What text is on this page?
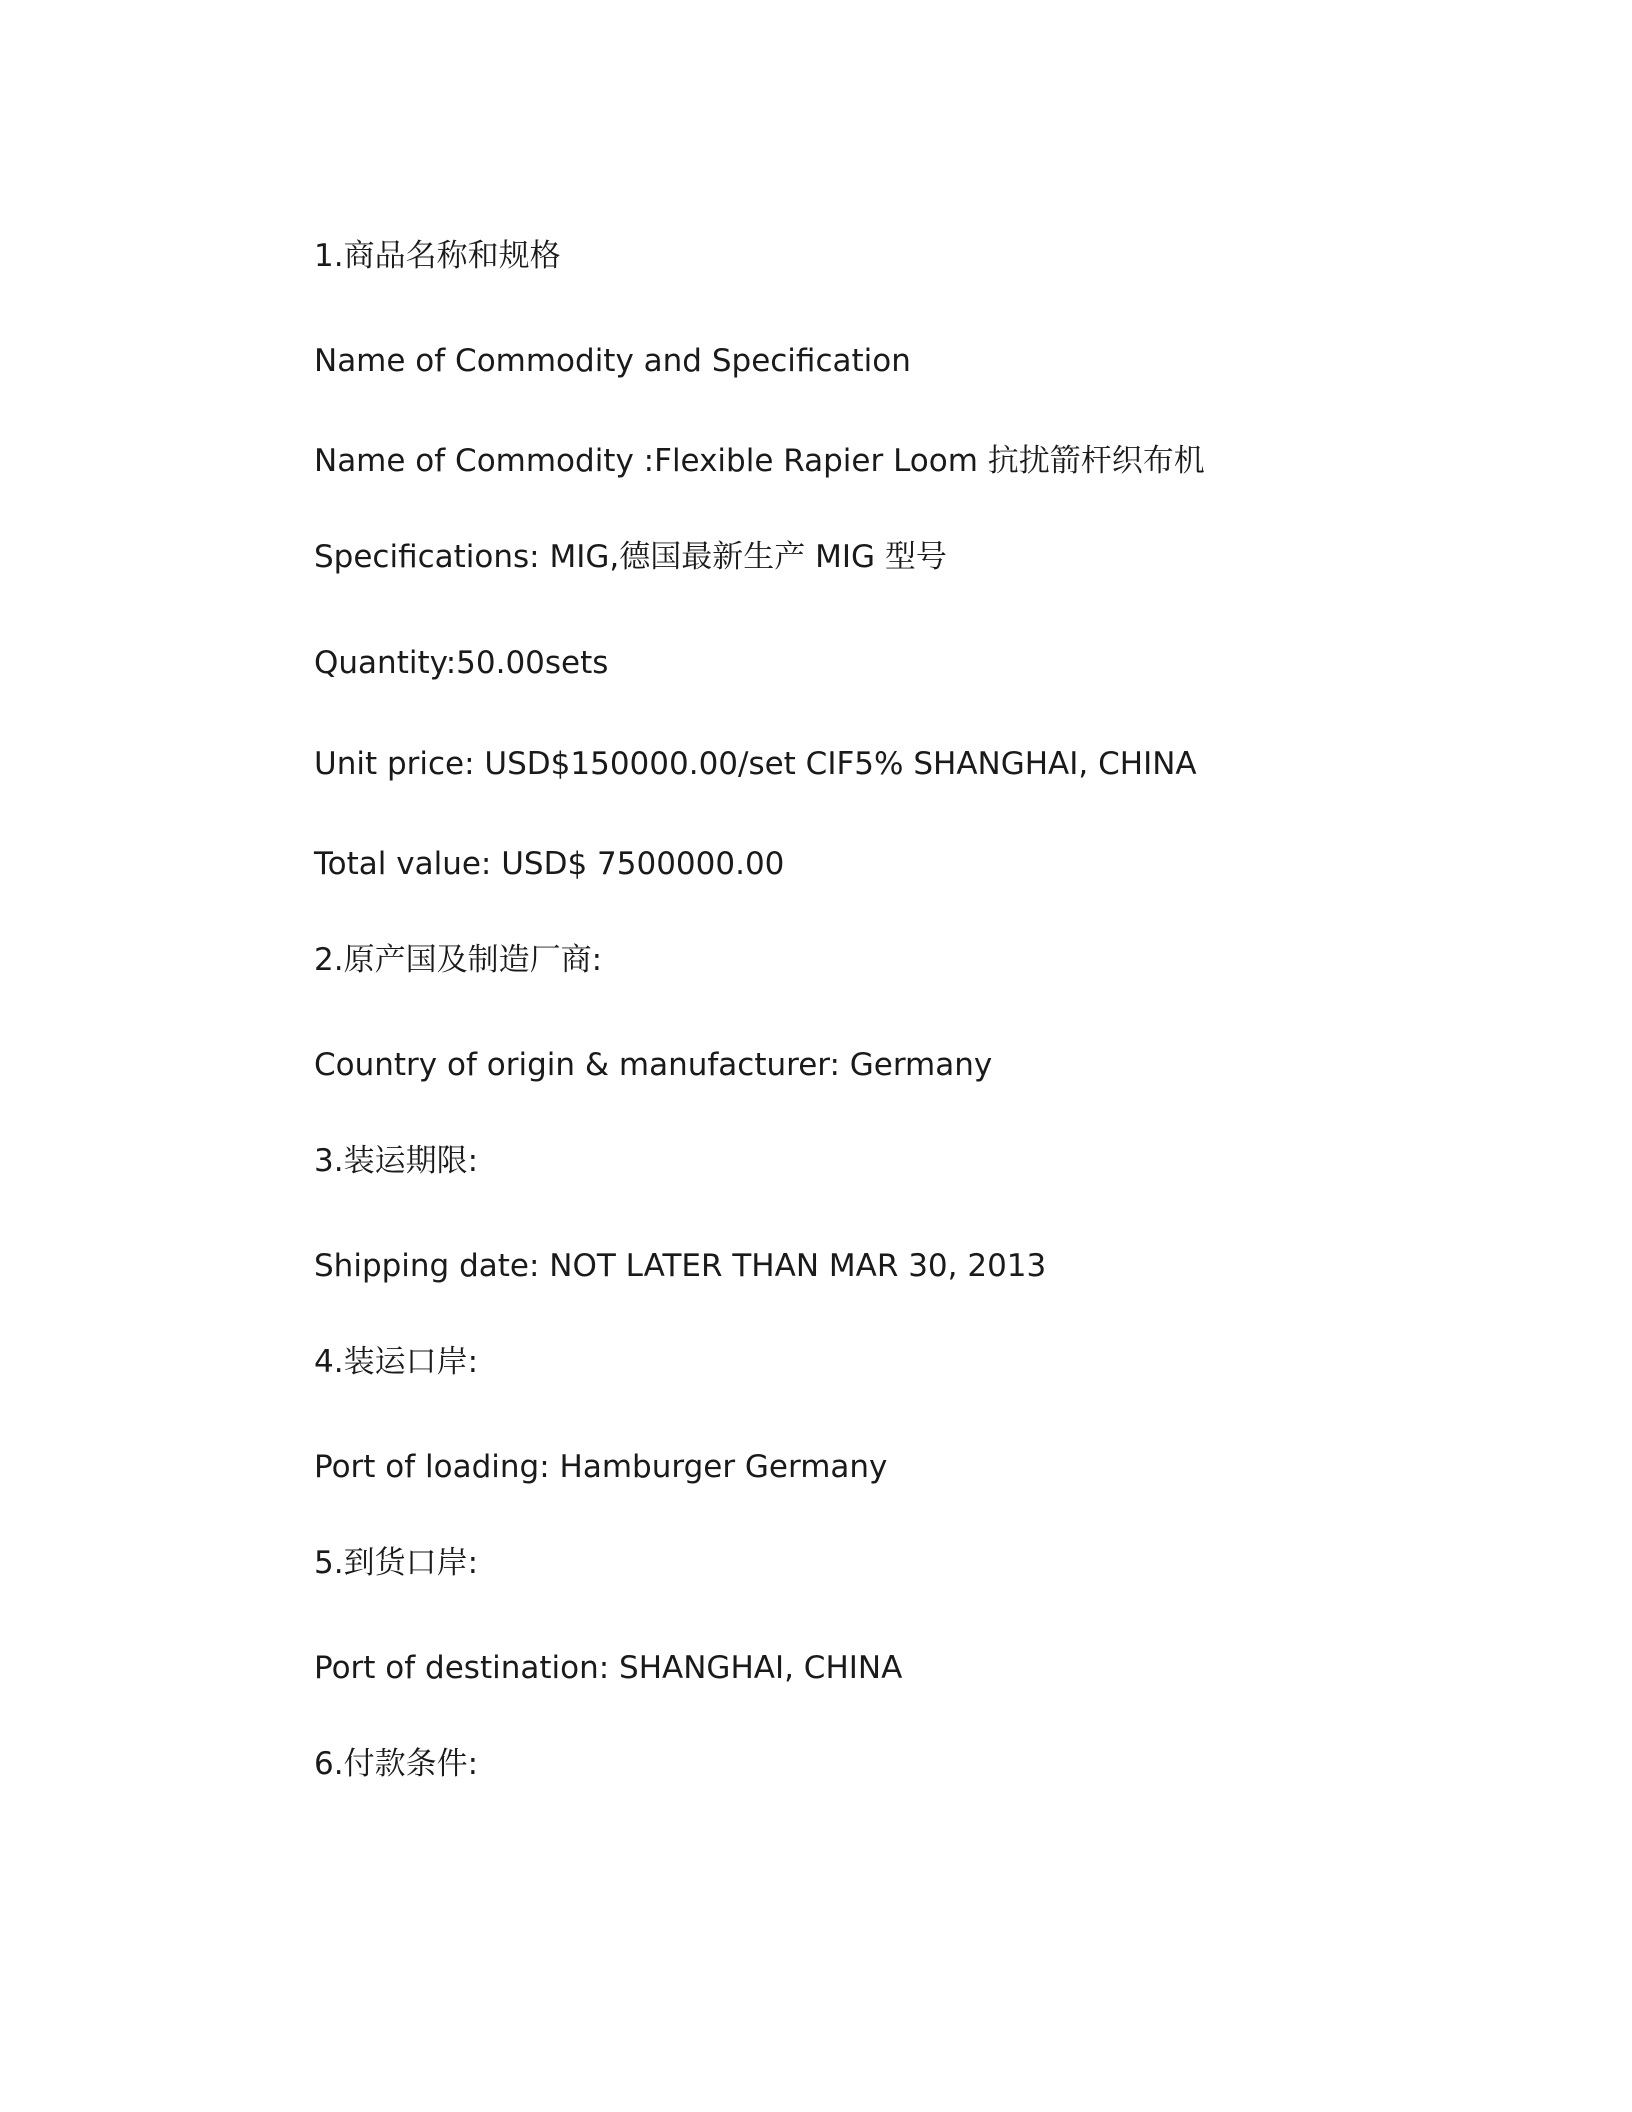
1.商品名称和规格

Name of Commodity and Specification

Name of Commodity :Flexible Rapier Loom 抗扰箭杆织布机

Specifications: MIG,德国最新生产 MIG 型号

Quantity:50.00sets

Unit price: USD$150000.00/set CIF5% SHANGHAI, CHINA

Total value: USD$ 7500000.00

2.原产国及制造厂商:

Country of origin & manufacturer: Germany

3.装运期限:

Shipping date: NOT LATER THAN MAR 30, 2013

4.装运口岸:

Port of loading: Hamburger Germany

5.到货口岸:

Port of destination: SHANGHAI, CHINA

6.付款条件:
